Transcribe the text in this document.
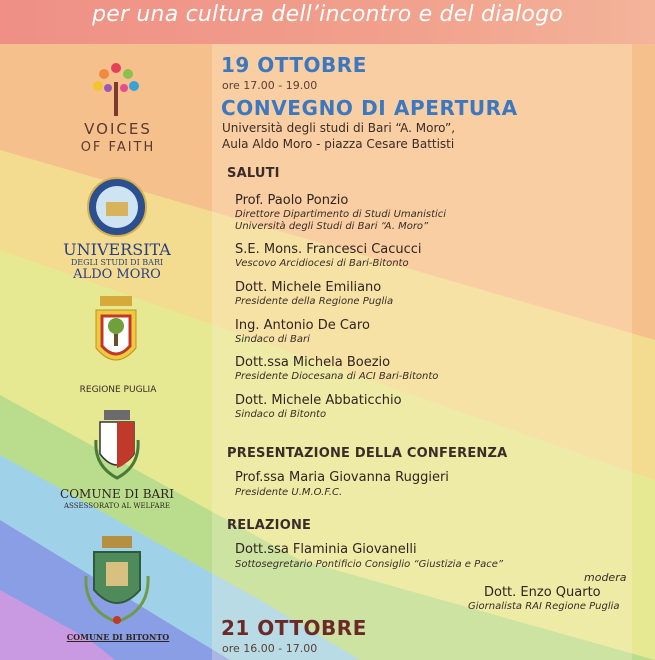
per una cultura dell’incontro e del dialogo
VOICES
OF FAITH
UNIVERSITA
DEGLI STUDI DI BARI
ALDO MORO
REGIONE PUGLIA
COMUNE DI BARI
ASSESSORATO AL WELFARE
COMUNE DI BITONTO
19 OTTOBRE
ore 17.00 - 19.00
CONVEGNO DI APERTURA
Università degli studi di Bari “A. Moro”,
Aula Aldo Moro - piazza Cesare Battisti
SALUTI
Prof. Paolo Ponzio
Direttore Dipartimento di Studi Umanistici
Università degli Studi di Bari “A. Moro”
S.E. Mons. Francesci Cacucci
Vescovo Arcidiocesi di Bari-Bitonto
Dott. Michele Emiliano
Presidente della Regione Puglia
Ing. Antonio De Caro
Sindaco di Bari
Dott.ssa Michela Boezio
Presidente Diocesana di ACI Bari-Bitonto
Dott. Michele Abbaticchio
Sindaco di Bitonto
PRESENTAZIONE DELLA CONFERENZA
Prof.ssa Maria Giovanna Ruggieri
Presidente U.M.O.F.C.
RELAZIONE
Dott.ssa Flaminia Giovanelli
Sottosegretario Pontificio Consiglio “Giustizia e Pace”
modera
Dott. Enzo Quarto
Giornalista RAI Regione Puglia
21 OTTOBRE
ore 16.00 - 17.00
